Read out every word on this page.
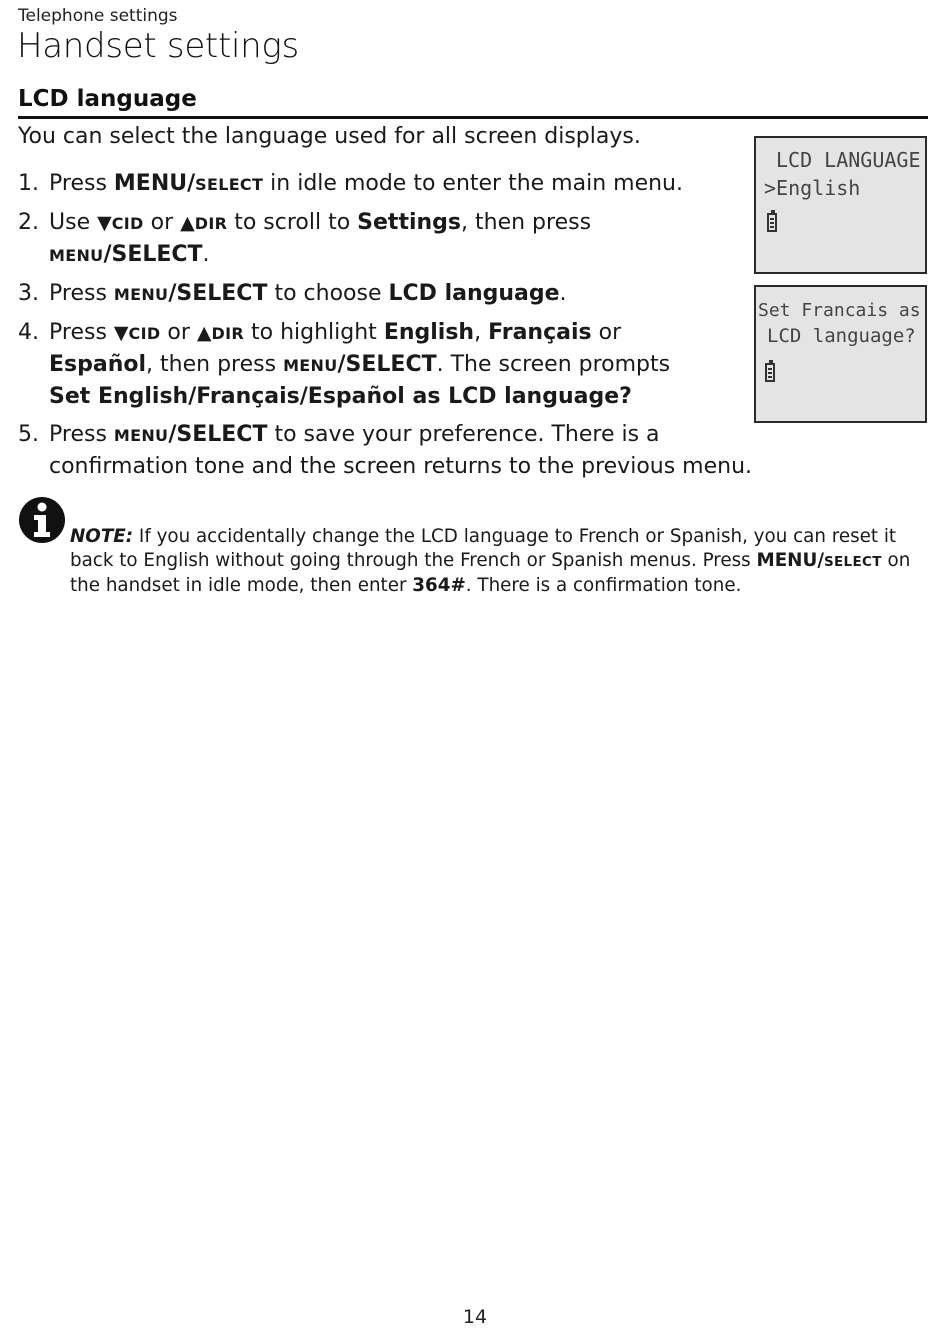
Telephone settings
Handset settings
LCD language
You can select the language used for all screen displays.
1. Press MENU/SELECT in idle mode to enter the main menu.
2. Use ▼CID or ▲DIR to scroll to Settings, then press
MENU/SELECT.
3. Press MENU/SELECT to choose LCD language.
4. Press ▼CID or ▲DIR to highlight English, Français or
Español, then press MENU/SELECT. The screen prompts
Set English/Français/Español as LCD language?
5. Press MENU/SELECT to save your preference. There is a
confirmation tone and the screen returns to the previous menu.
LCD LANGUAGE
>English
Set Francais as
LCD language?
NOTE: If you accidentally change the LCD language to French or Spanish, you can reset it back to English without going through the French or Spanish menus. Press MENU/SELECT on the handset in idle mode, then enter 364#. There is a confirmation tone.
14
